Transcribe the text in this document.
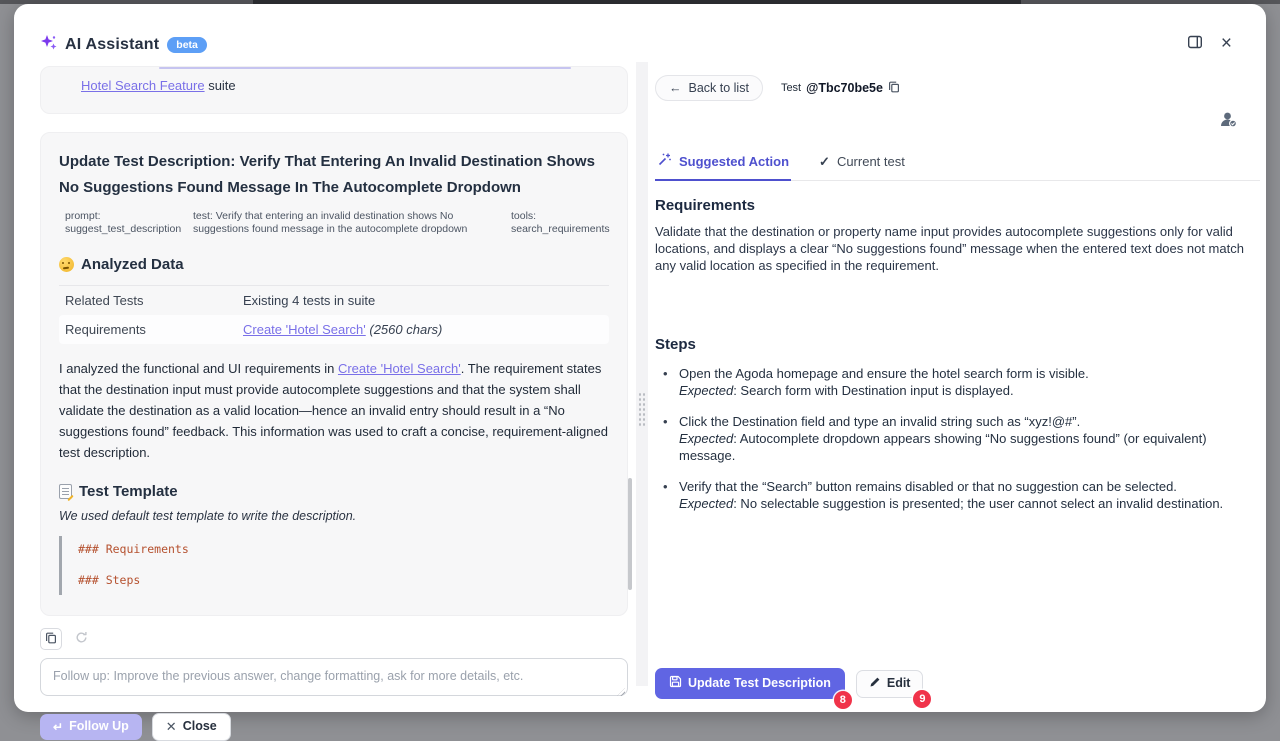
AI Assistant	beta	×
Hotel Search Feature suite
Update Test Description: Verify That Entering An Invalid Destination Shows No Suggestions Found Message In The Autocomplete Dropdown
prompt: suggest_test_description
test: Verify that entering an invalid destination shows No suggestions found message in the autocomplete dropdown
tools: search_requirements
Analyzed Data
Related Tests	Existing 4 tests in suite
Requirements	Create 'Hotel Search' (2560 chars)

I analyzed the functional and UI requirements in Create 'Hotel Search'. The requirement states that the destination input must provide autocomplete suggestions and that the system shall validate the destination as a valid location—hence an invalid entry should result in a “No suggestions found” feedback. This information was used to craft a concise, requirement-aligned test description.

Test Template
We used default test template to write the description.
### Requirements
### Steps
Follow up: Improve the previous answer, change formatting, ask for more details, etc.
↵ Follow Up	✕ Close
← Back to list	Test @Tbc70be5e
Suggested Action ✓ Current test
Requirements

Validate that the destination or property name input provides autocomplete suggestions only for valid locations, and displays a clear “No suggestions found” message when the entered text does not match any valid location as specified in the requirement.

Steps
• Open the Agoda homepage and ensure the hotel search form is visible.
Expected: Search form with Destination input is displayed.
• Click the Destination field and type an invalid string such as “xyz!@#”.
Expected: Autocomplete dropdown appears showing “No suggestions found” (or equivalent) message.
• Verify that the “Search” button remains disabled or that no suggestion can be selected.
Expected: No selectable suggestion is presented; the user cannot select an invalid destination.
Update Test Description
8
Edit
9
